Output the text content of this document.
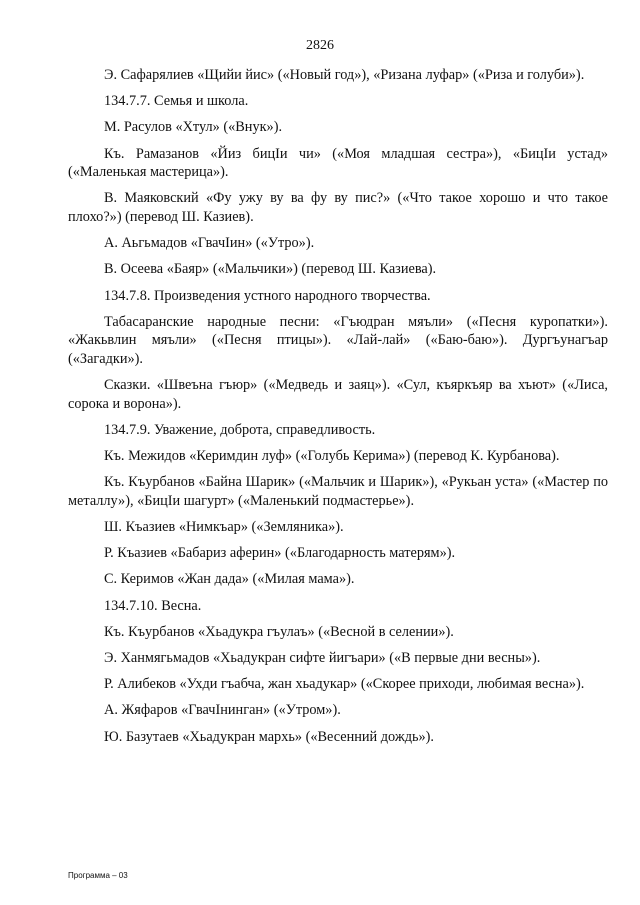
2826

Э. Сафарялиев «Щийи йис» («Новый год»), «Ризана луфар» («Риза и голуби»).

134.7.7. Семья и школа.

М. Расулов «Хтул» («Внук»).

Къ. Рамазанов «Йиз бицIи чи» («Моя младшая сестра»), «БицIи устад» («Маленькая мастерица»).

В. Маяковский «Фу ужу ву ва фу ву пис?» («Что такое хорошо и что такое плохо?») (перевод Ш. Казиев).

А. Аьгьмадов «ГвачIин» («Утро»).

В. Осеева «Баяр» («Мальчики») (перевод Ш. Казиева).

134.7.8. Произведения устного народного творчества.

Табасаранские народные песни: «Гъюдран мяъли» («Песня куропатки»). «Жакьвлин мяъли» («Песня птицы»). «Лай-лай» («Баю-баю»). Дургъунагъар («Загадки»).

Сказки. «Швеъна гъюр» («Медведь и заяц»). «Сул, къяркъяр ва хъют» («Лиса, сорока и ворона»).

134.7.9. Уважение, доброта, справедливость.

Къ. Межидов «Керимдин луф» («Голубь Керима») (перевод К. Курбанова).

Къ. Къурбанов «Байна Шарик» («Мальчик и Шарик»), «Рукьан уста» («Мастер по металлу»), «БицIи шагурт» («Маленький подмастерье»).

Ш. Къазиев «Нимкъар» («Земляника»).

Р. Къазиев «Бабариз аферин» («Благодарность матерям»).

С. Керимов «Жан дада» («Милая мама»).

134.7.10. Весна.

Къ. Къурбанов «Хьадукра гъулаъ» («Весной в селении»).

Э. Ханмягьмадов «Хьадукран сифте йигъари» («В первые дни весны»).

Р. Алибеков «Ухди гъабча, жан хьадукар» («Скорее приходи, любимая весна»).

А. Жяфаров «ГвачIнинган» («Утром»).

Ю. Базутаев «Хьадукран мархь» («Весенний дождь»).

Программа – 03
